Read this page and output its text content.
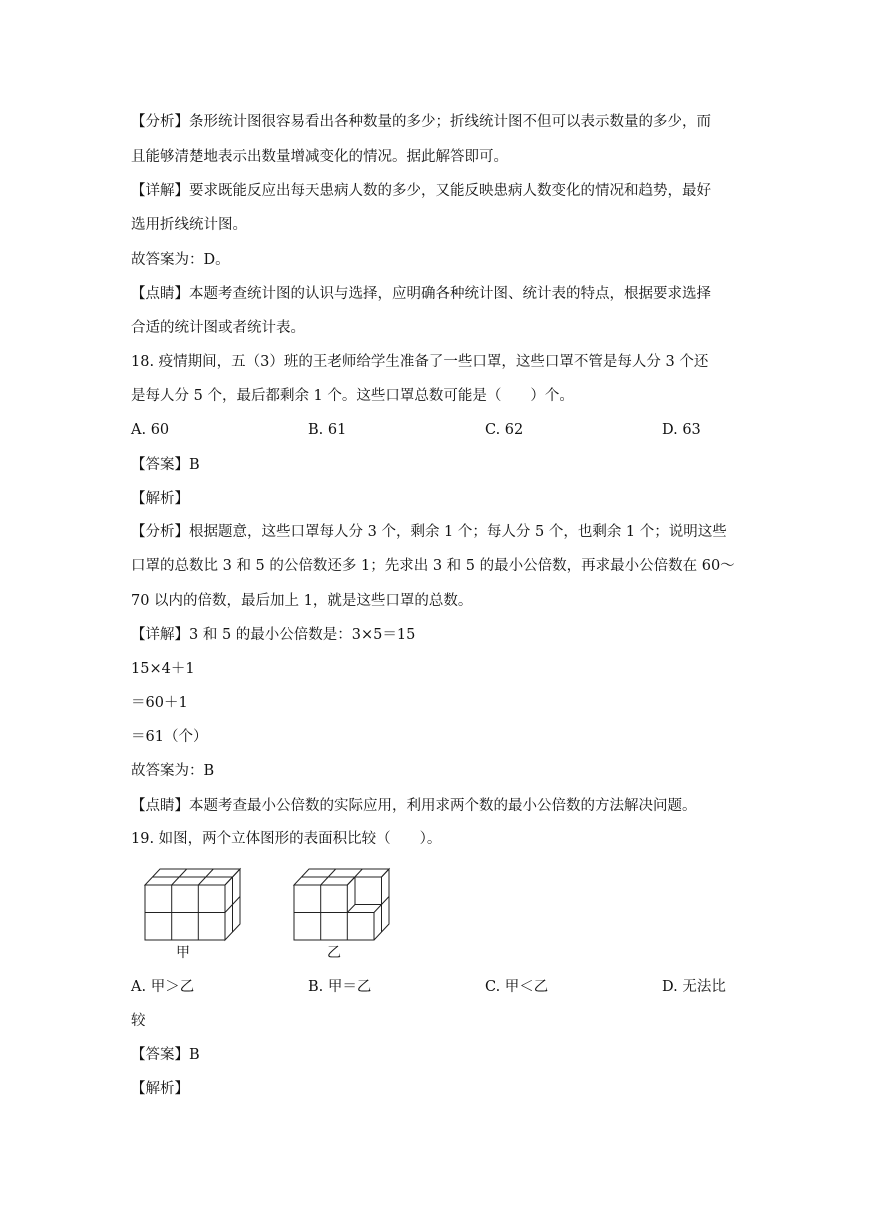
【分析】条形统计图很容易看出各种数量的多少；折线统计图不但可以表示数量的多少，而
且能够清楚地表示出数量增减变化的情况。据此解答即可。
【详解】要求既能反应出每天患病人数的多少，又能反映患病人数变化的情况和趋势，最好
选用折线统计图。
故答案为：D。
【点睛】本题考查统计图的认识与选择，应明确各种统计图、统计表的特点，根据要求选择
合适的统计图或者统计表。
18. 疫情期间，五（3）班的王老师给学生准备了一些口罩，这些口罩不管是每人分 3 个还
是每人分 5 个，最后都剩余 1 个。这些口罩总数可能是（　　）个。
A. 60	B. 61	C. 62	D. 63
【答案】B
【解析】
【分析】根据题意，这些口罩每人分 3 个，剩余 1 个；每人分 5 个，也剩余 1 个；说明这些
口罩的总数比 3 和 5 的公倍数还多 1；先求出 3 和 5 的最小公倍数，再求最小公倍数在 60～
70 以内的倍数，最后加上 1，就是这些口罩的总数。
【详解】3 和 5 的最小公倍数是：3×5＝15
15×4＋1
＝60＋1
＝61（个）
故答案为：B
【点睛】本题考查最小公倍数的实际应用，利用求两个数的最小公倍数的方法解决问题。
19. 如图，两个立体图形的表面积比较（　　）。
甲	乙
A. 甲＞乙	B. 甲＝乙	C. 甲＜乙	D. 无法比
较
【答案】B
【解析】
